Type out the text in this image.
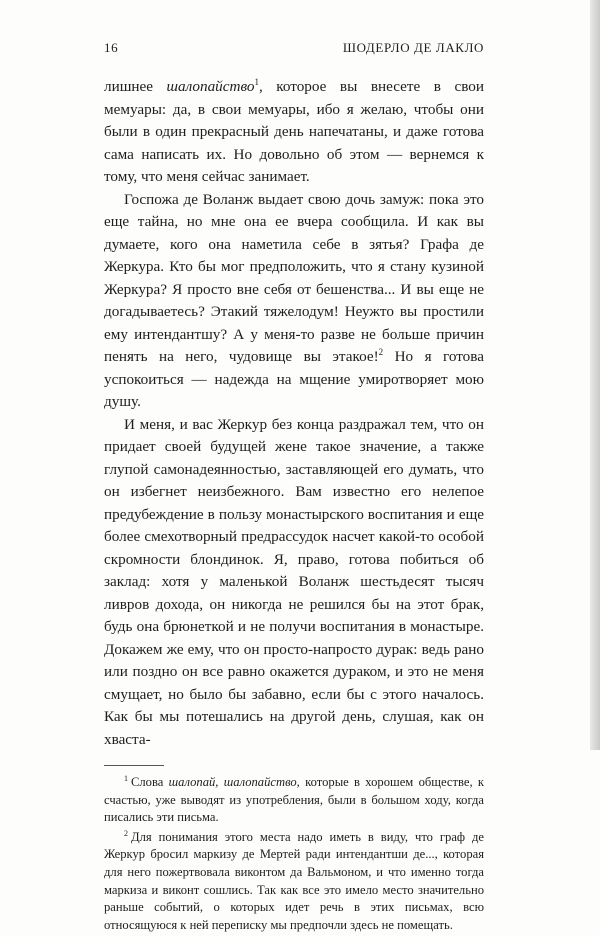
16	ШОДЕРЛО ДЕ ЛАКЛО

лишнее шалопайство$^1$, которое вы внесете в свои мемуары: да, в свои мемуары, ибо я желаю, чтобы они были в один прекрасный день напечатаны, и даже готова сама написать их. Но довольно об этом — вернемся к тому, что меня сейчас занимает.

Госпожа де Воланж выдает свою дочь замуж: пока это еще тайна, но мне она ее вчера сообщила. И как вы думаете, кого она наметила себе в зятья? Графа де Жеркура. Кто бы мог предположить, что я стану кузиной Жеркура? Я просто вне себя от бешенства... И вы еще не догадываетесь? Этакий тяжелодум! Неужто вы простили ему интендантшу? А у меня-то разве не больше причин пенять на него, чудовище вы этакое!$^2$ Но я готова успокоиться — надежда на мщение умиротворяет мою душу.

И меня, и вас Жеркур без конца раздражал тем, что он придает своей будущей жене такое значение, а также глупой самонадеянностью, заставляющей его думать, что он избегнет неизбежного. Вам известно его нелепое предубеждение в пользу монастырского воспитания и еще более смехотворный предрассудок насчет какой-то особой скромности блондинок. Я, право, готова побиться об заклад: хотя у маленькой Воланж шестьдесят тысяч ливров дохода, он никогда не решился бы на этот брак, будь она брюнеткой и не получи воспитания в монастыре. Докажем же ему, что он просто-напросто дурак: ведь рано или поздно он все равно окажется дураком, и это не меня смущает, но было бы забавно, если бы с этого началось. Как бы мы потешались на другой день, слушая, как он хваста-

$^1$ Слова шалопай, шалопайство, которые в хорошем обществе, к счастью, уже выводят из употребления, были в большом ходу, когда писались эти письма.

$^2$ Для понимания этого места надо иметь в виду, что граф де Жеркур бросил маркизу де Мертей ради интендантши де..., которая для него пожертвовала виконтом да Вальмоном, и что именно тогда маркиза и виконт сошлись. Так как все это имело место значительно раньше событий, о которых идет речь в этих письмах, всю относящуюся к ней переписку мы предпочли здесь не помещать.
